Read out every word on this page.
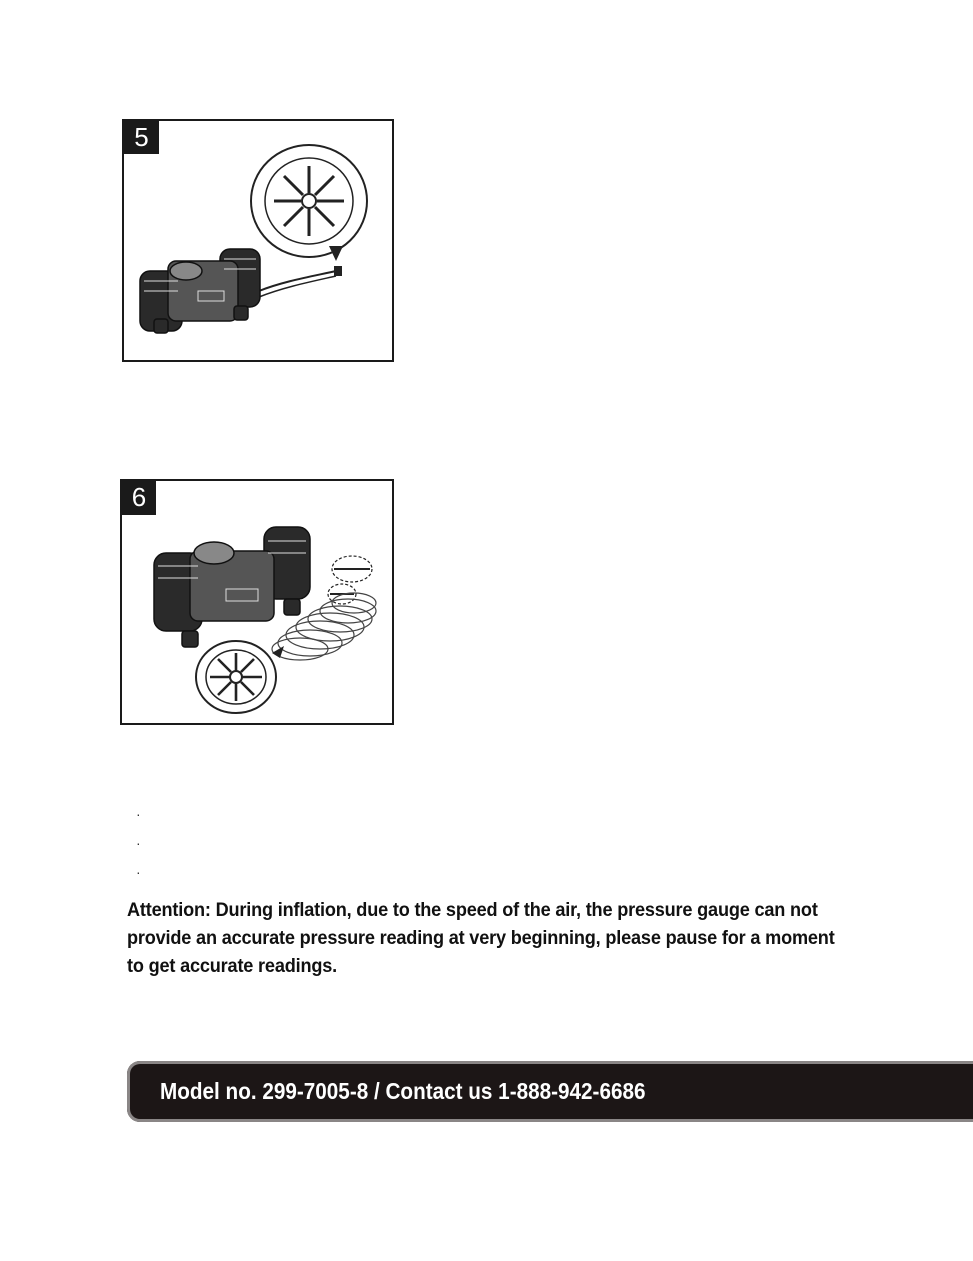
5
6
·
·
·

Attention: During inflation, due to the speed of the air, the pressure gauge can not provide an accurate pressure reading at very beginning, please pause for a moment to get accurate readings.

Model no. 299-7005-8 / Contact us 1-888-942-6686
